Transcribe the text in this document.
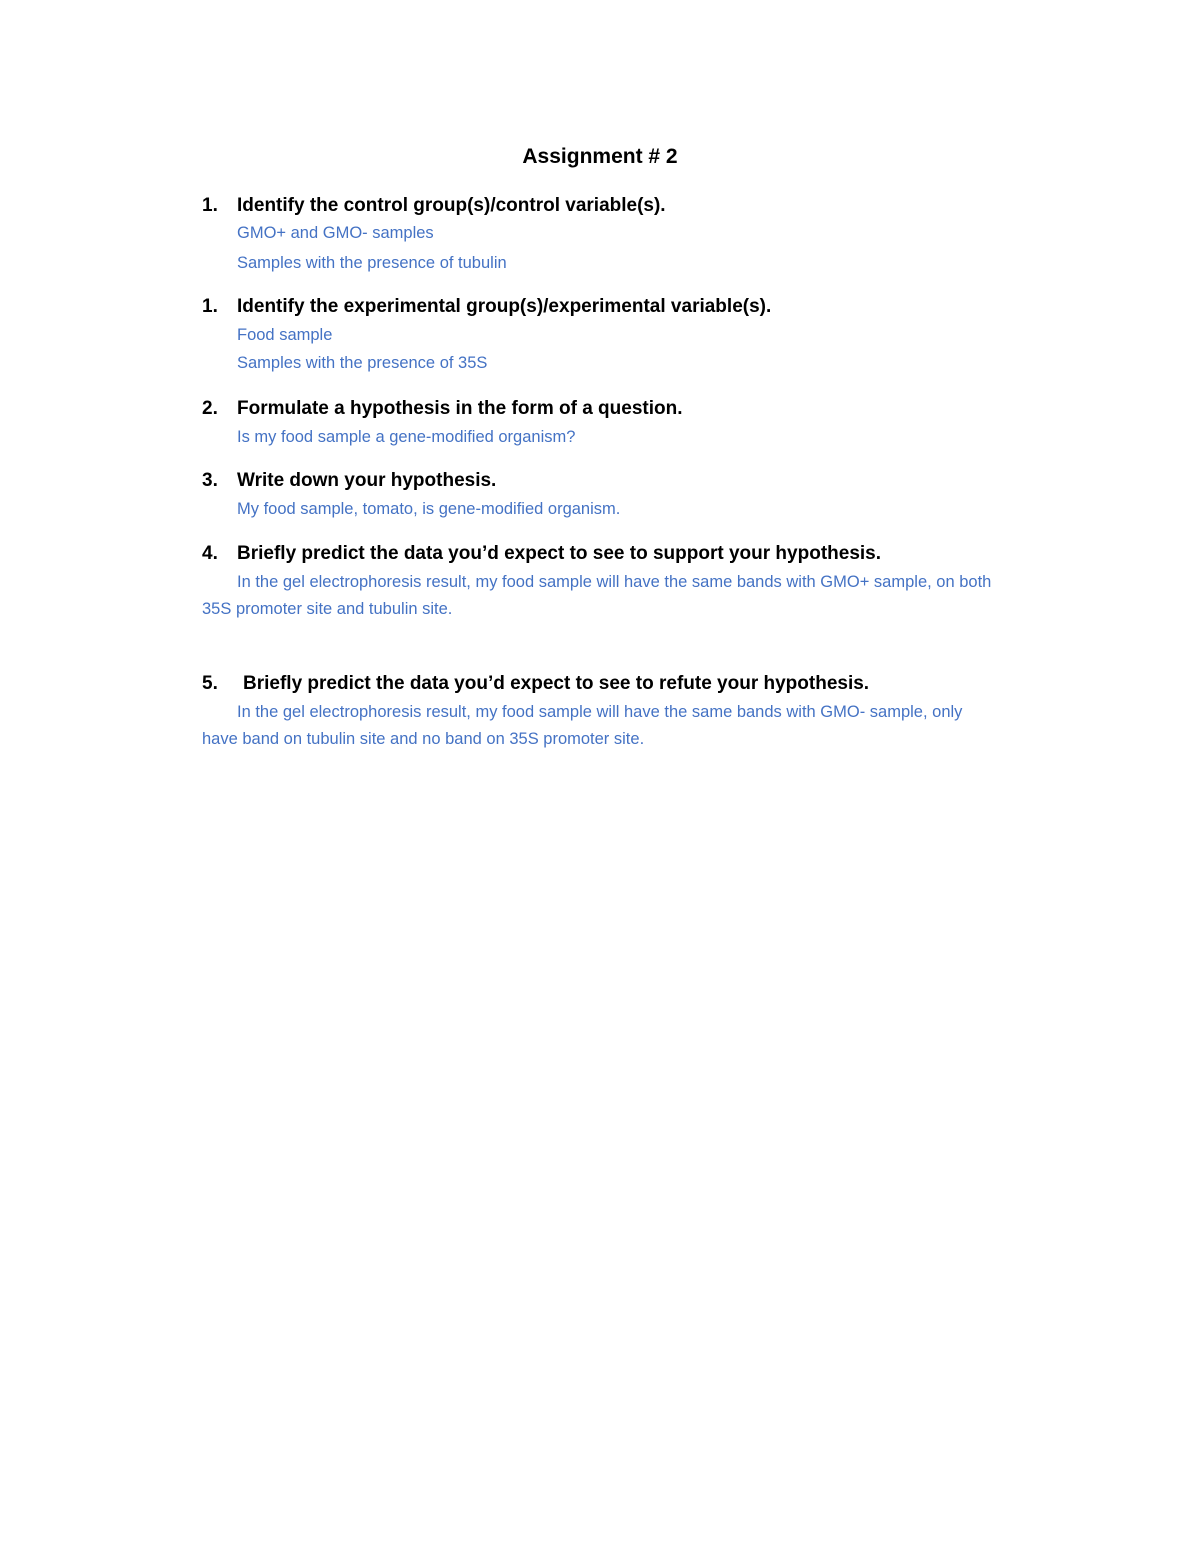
Assignment # 2
1. Identify the control group(s)/control variable(s).
GMO+ and GMO- samples
Samples with the presence of tubulin
1. Identify the experimental group(s)/experimental variable(s).
Food sample
Samples with the presence of 35S
2. Formulate a hypothesis in the form of a question.
Is my food sample a gene-modified organism?
3. Write down your hypothesis.
My food sample, tomato, is gene-modified organism.
4. Briefly predict the data you’d expect to see to support your hypothesis.
In the gel electrophoresis result, my food sample will have the same bands with GMO+ sample, on both 35S promoter site and tubulin site.
5. Briefly predict the data you’d expect to see to refute your hypothesis.
In the gel electrophoresis result, my food sample will have the same bands with GMO- sample, only have band on tubulin site and no band on 35S promoter site.
